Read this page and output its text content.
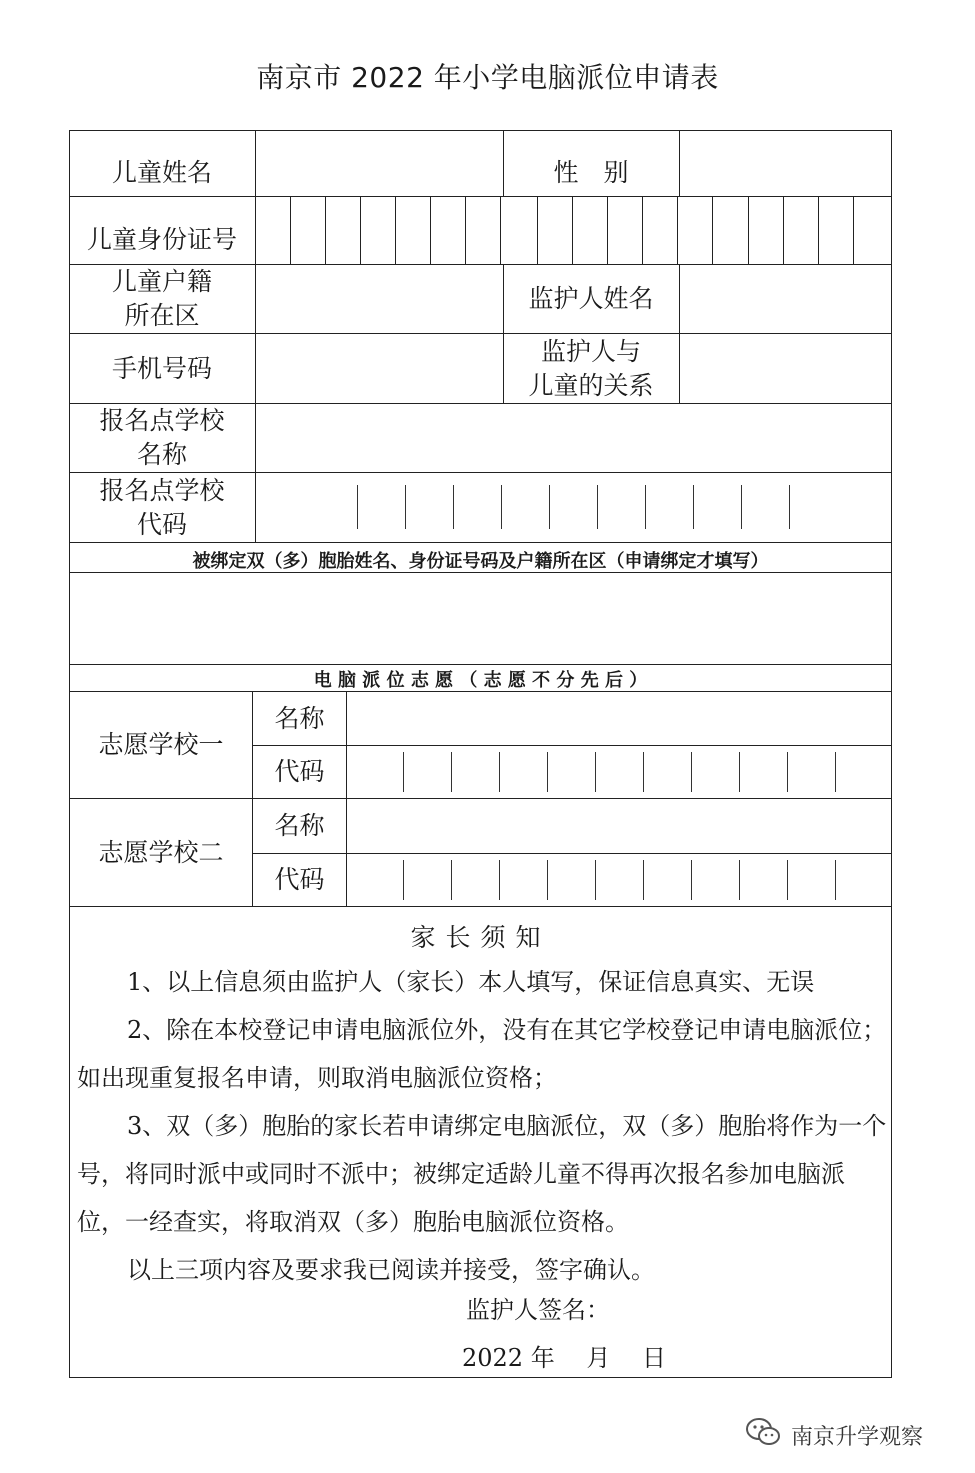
南京市 2022 年小学电脑派位申请表
儿童姓名	性　别
儿童身份证号
儿童户籍
所在区
监护人姓名
手机号码
监护人与
儿童的关系
报名点学校
名称
报名点学校
代码
被绑定双（多）胞胎姓名、身份证号码及户籍所在区（申请绑定才填写）
电 脑 派 位 志 愿 （ 志 愿 不 分 先 后 ）
志愿学校一
名称
代码
志愿学校二
名称
代码
家长须知
1、以上信息须由监护人（家长）本人填写，保证信息真实、无误
2、除在本校登记申请电脑派位外，没有在其它学校登记申请电脑派位；如出现重复报名申请，则取消电脑派位资格；
3、双（多）胞胎的家长若申请绑定电脑派位，双（多）胞胎将作为一个号，将同时派中或同时不派中；被绑定适龄儿童不得再次报名参加电脑派位，一经查实，将取消双（多）胞胎电脑派位资格。
以上三项内容及要求我已阅读并接受，签字确认。
监护人签名：
2022 年　 月　 日
南京升学观察
